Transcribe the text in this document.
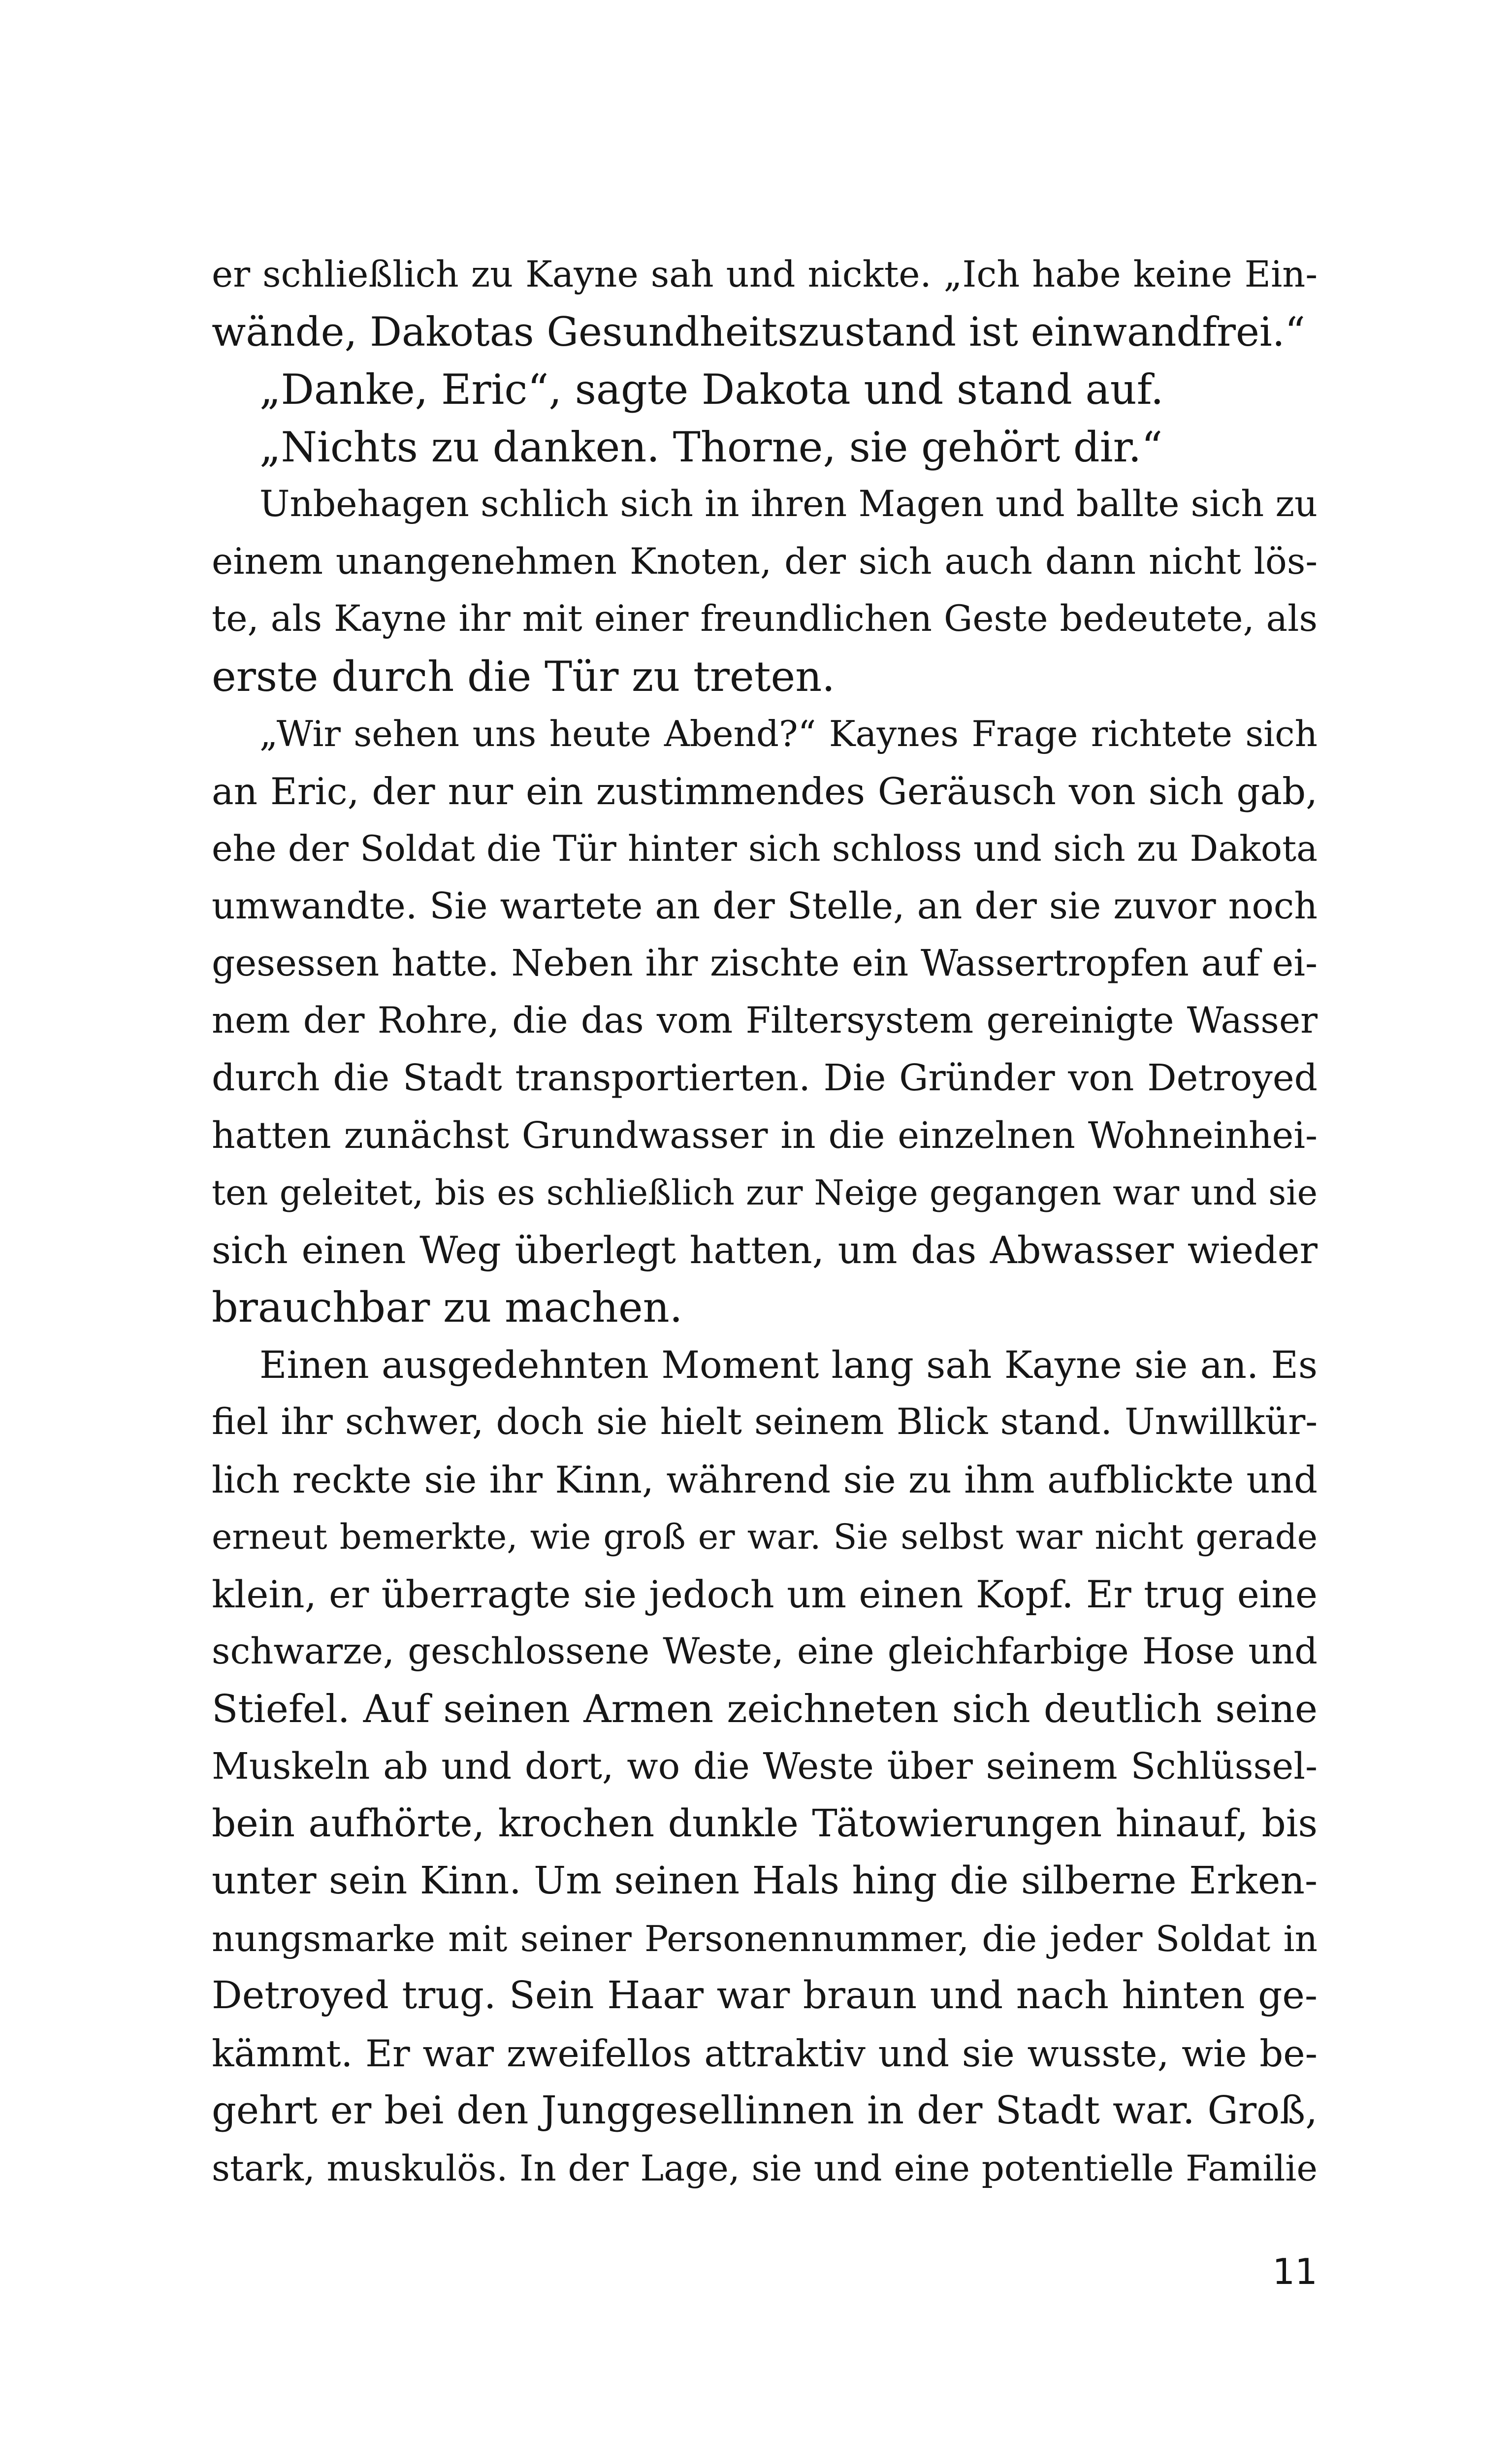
er schließlich zu Kayne sah und nickte. „Ich habe keine Ein-
wände, Dakotas Gesundheitszustand ist einwandfrei.“
„Danke, Eric“, sagte Dakota und stand auf.
„Nichts zu danken. Thorne, sie gehört dir.“
Unbehagen schlich sich in ihren Magen und ballte sich zu
einem unangenehmen Knoten, der sich auch dann nicht lös-
te, als Kayne ihr mit einer freundlichen Geste bedeutete, als
erste durch die Tür zu treten.
„Wir sehen uns heute Abend?“ Kaynes Frage richtete sich
an Eric, der nur ein zustimmendes Geräusch von sich gab,
ehe der Soldat die Tür hinter sich schloss und sich zu Dakota
umwandte. Sie wartete an der Stelle, an der sie zuvor noch
gesessen hatte. Neben ihr zischte ein Wassertropfen auf ei-
nem der Rohre, die das vom Filtersystem gereinigte Wasser
durch die Stadt transportierten. Die Gründer von Detroyed
hatten zunächst Grundwasser in die einzelnen Wohneinhei-
ten geleitet, bis es schließlich zur Neige gegangen war und sie
sich einen Weg überlegt hatten, um das Abwasser wieder
brauchbar zu machen.
Einen ausgedehnten Moment lang sah Kayne sie an. Es
fiel ihr schwer, doch sie hielt seinem Blick stand. Unwillkür-
lich reckte sie ihr Kinn, während sie zu ihm aufblickte und
erneut bemerkte, wie groß er war. Sie selbst war nicht gerade
klein, er überragte sie jedoch um einen Kopf. Er trug eine
schwarze, geschlossene Weste, eine gleichfarbige Hose und
Stiefel. Auf seinen Armen zeichneten sich deutlich seine
Muskeln ab und dort, wo die Weste über seinem Schlüssel-
bein aufhörte, krochen dunkle Tätowierungen hinauf, bis
unter sein Kinn. Um seinen Hals hing die silberne Erken-
nungsmarke mit seiner Personennummer, die jeder Soldat in
Detroyed trug. Sein Haar war braun und nach hinten ge-
kämmt. Er war zweifellos attraktiv und sie wusste, wie be-
gehrt er bei den Junggesellinnen in der Stadt war. Groß,
stark, muskulös. In der Lage, sie und eine potentielle Familie
11
